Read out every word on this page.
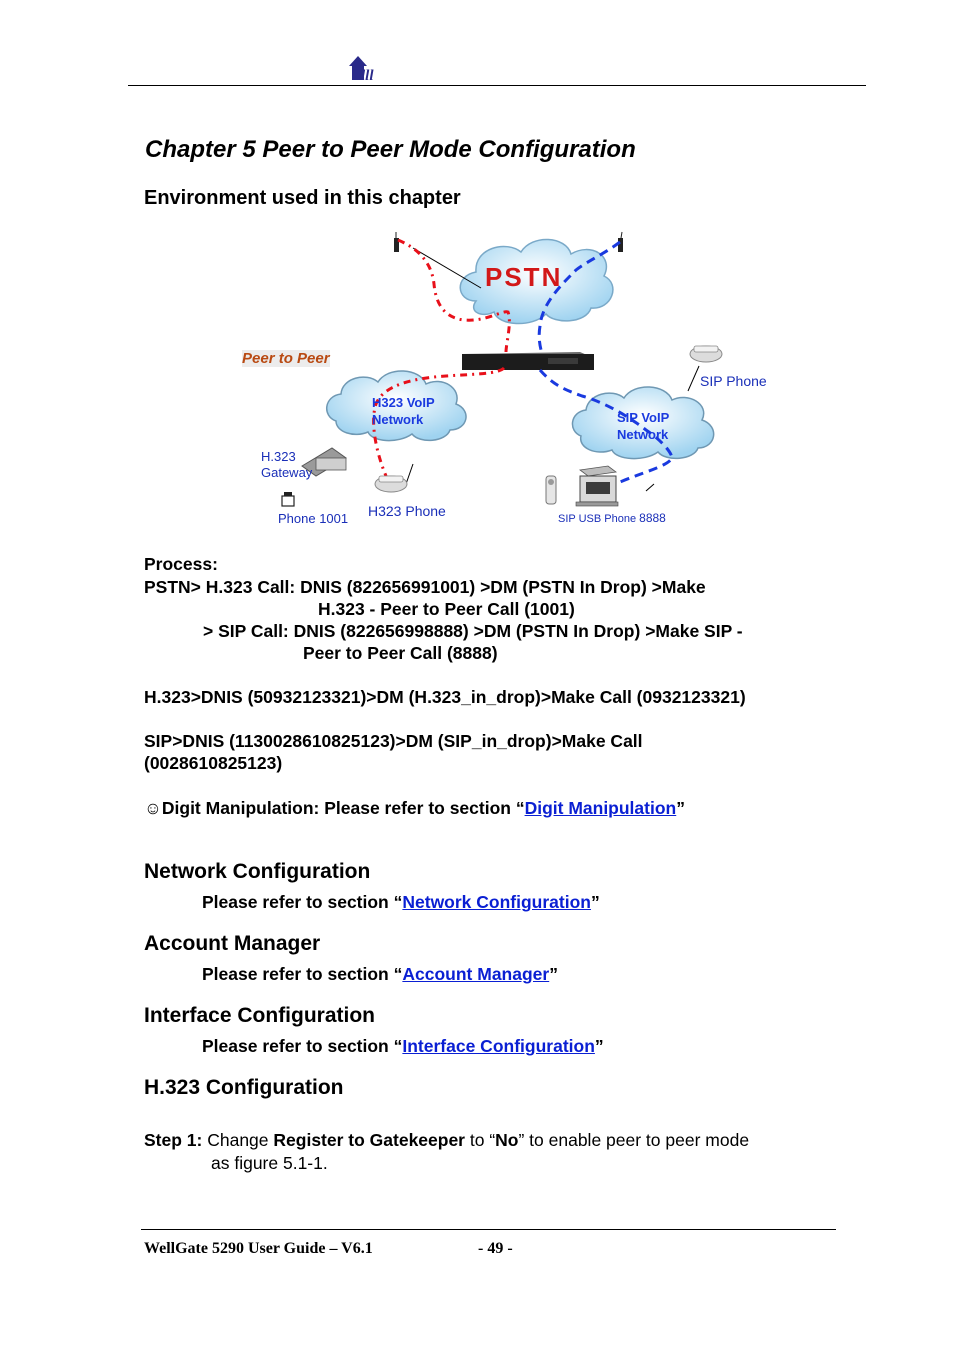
lll
Chapter 5 Peer to Peer Mode Configuration
Environment used in this chapter
PSTN
Peer to Peer
H323 VoIP
Network	SIP VoIP
Network
SIP Phone
H.323
Gateway
Phone 1001 H323 Phone	SIP USB Phone 8888
Process:
PSTN> H.323 Call: DNIS (822656991001) >DM (PSTN In Drop) >Make
H.323 - Peer to Peer Call (1001)
> SIP Call: DNIS (822656998888) >DM (PSTN In Drop) >Make SIP -
Peer to Peer Call (8888)
H.323>DNIS (50932123321)>DM (H.323_in_drop)>Make Call (0932123321)
SIP>DNIS (1130028610825123)>DM (SIP_in_drop)>Make Call
(0028610825123)
☺Digit Manipulation: Please refer to section “Digit Manipulation”
Network Configuration
Please refer to section “Network Configuration”
Account Manager
Please refer to section “Account Manager”
Interface Configuration
Please refer to section “Interface Configuration”
H.323 Configuration
Step 1: Change Register to Gatekeeper to “No” to enable peer to peer mode
as figure 5.1-1.
WellGate 5290 User Guide – V6.1	- 49 -
